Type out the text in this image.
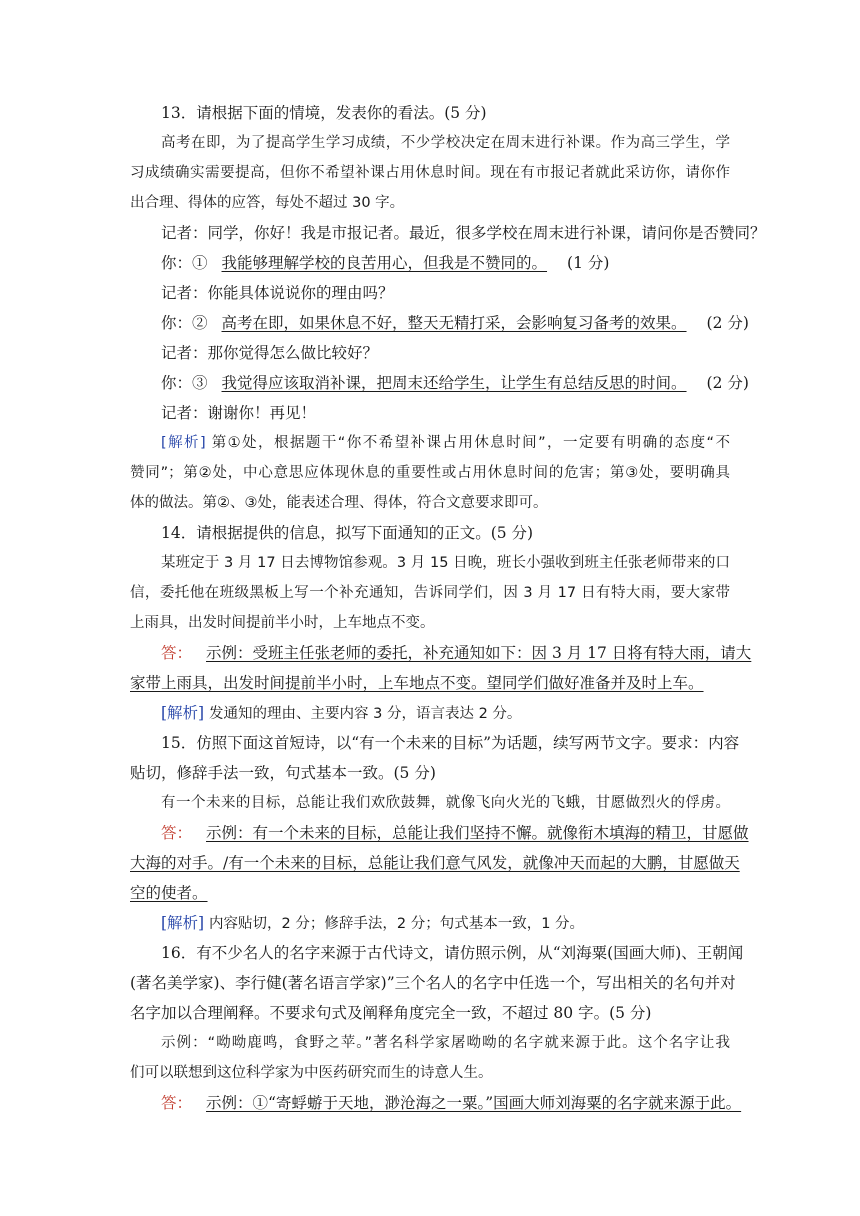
13．请根据下面的情境，发表你的看法。(5 分)
高考在即，为了提高学生学习成绩，不少学校决定在周末进行补课。作为高三学生，学
习成绩确实需要提高，但你不希望补课占用休息时间。现在有市报记者就此采访你，请你作
出合理、得体的应答，每处不超过 30 字。
记者：同学，你好！我是市报记者。最近，很多学校在周末进行补课，请问你是否赞同？
你：① 我能够理解学校的良苦用心，但我是不赞同的。 (1 分)
记者：你能具体说说你的理由吗？
你：② 高考在即，如果休息不好，整天无精打采，会影响复习备考的效果。 (2 分)
记者：那你觉得怎么做比较好？
你：③ 我觉得应该取消补课，把周末还给学生，让学生有总结反思的时间。 (2 分)
记者：谢谢你！再见！
[解析] 第①处，根据题干“你不希望补课占用休息时间”，一定要有明确的态度“不
赞同”；第②处，中心意思应体现休息的重要性或占用休息时间的危害；第③处，要明确具
体的做法。第②、③处，能表述合理、得体，符合文意要求即可。
14．请根据提供的信息，拟写下面通知的正文。(5 分)
某班定于 3 月 17 日去博物馆参观。3 月 15 日晚，班长小强收到班主任张老师带来的口
信，委托他在班级黑板上写一个补充通知，告诉同学们，因 3 月 17 日有特大雨，要大家带
上雨具，出发时间提前半小时，上车地点不变。
答： 示例：受班主任张老师的委托，补充通知如下：因 3 月 17 日将有特大雨，请大
家带上雨具，出发时间提前半小时，上车地点不变。望同学们做好准备并及时上车。
[解析] 发通知的理由、主要内容 3 分，语言表达 2 分。
15．仿照下面这首短诗，以“有一个未来的目标”为话题，续写两节文字。要求：内容
贴切，修辞手法一致，句式基本一致。(5 分)
有一个未来的目标，总能让我们欢欣鼓舞，就像飞向火光的飞蛾，甘愿做烈火的俘虏。
答： 示例：有一个未来的目标，总能让我们坚持不懈。就像衔木填海的精卫，甘愿做
大海的对手。/有一个未来的目标，总能让我们意气风发，就像冲天而起的大鹏，甘愿做天
空的使者。
[解析] 内容贴切，2 分；修辞手法，2 分；句式基本一致，1 分。
16．有不少名人的名字来源于古代诗文，请仿照示例，从“刘海粟(国画大师)、王朝闻
(著名美学家)、李行健(著名语言学家)”三个名人的名字中任选一个，写出相关的名句并对
名字加以合理阐释。不要求句式及阐释角度完全一致，不超过 80 字。(5 分)
示例：“呦呦鹿鸣，食野之苹。”著名科学家屠呦呦的名字就来源于此。这个名字让我
们可以联想到这位科学家为中医药研究而生的诗意人生。
答： 示例：①“寄蜉蝣于天地，渺沧海之一粟。”国画大师刘海粟的名字就来源于此。
